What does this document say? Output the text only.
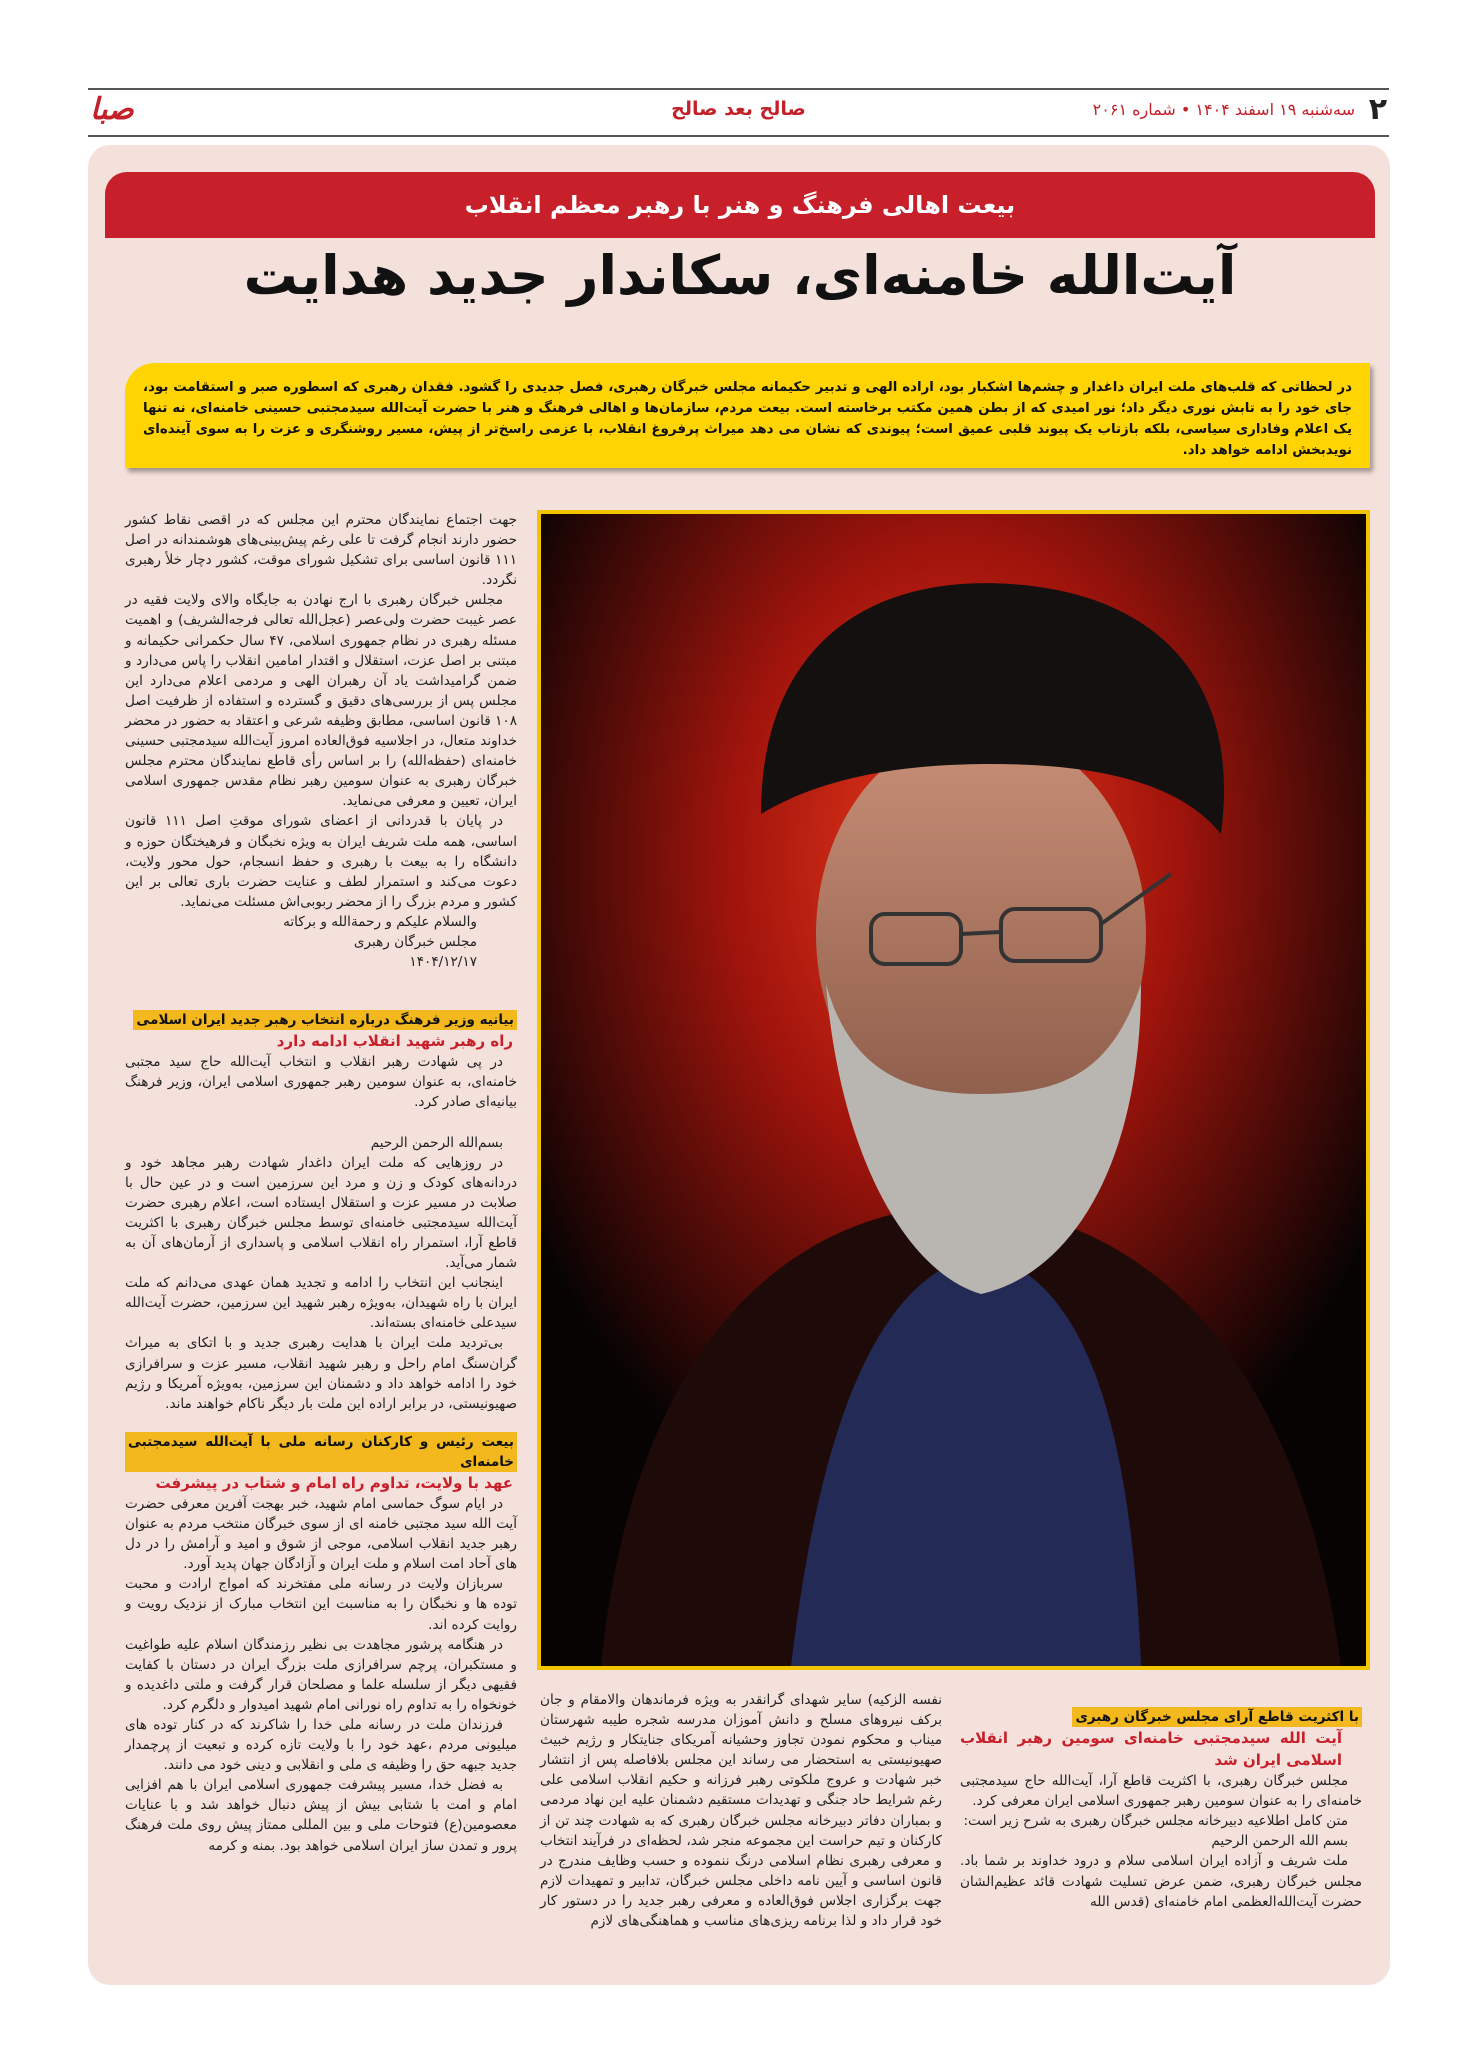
۲
سه‌شنبه ۱۹ اسفند ۱۴۰۴ • شماره ۲۰۶۱
صالح بعد صالح
صبا
بیعت اهالی فرهنگ و هنر با رهبر معظم انقلاب
آیت‌الله خامنه‌ای، سکاندار جدید هدایت
در لحظاتی که قلب‌های ملت ایران داغدار و چشم‌ها اشکبار بود، اراده الهی و تدبیر حکیمانه مجلس خبرگان رهبری، فصل جدیدی را گشود. فقدان رهبری که اسطوره صبر و استقامت بود، جای خود را به تابش نوری دیگر داد؛ نور امیدی که از بطن همین مکتب برخاسته است. بیعت مردم، سازمان‌ها و اهالی فرهنگ و هنر با حضرت آیت‌الله سیدمجتبی حسینی خامنه‌ای، نه تنها یک اعلام وفاداری سیاسی، بلکه بازتاب یک پیوند قلبی عمیق است؛ پیوندی که نشان می دهد میراث پرفروغ انقلاب، با عزمی راسخ‌تر از پیش، مسیر روشنگری و عزت را به سوی آینده‌ای نویدبخش ادامه خواهد داد.

جهت اجتماع نمایندگان محترم این مجلس که در اقصی نقاط کشور حضور دارند انجام گرفت تا علی رغم پیش‌بینی‌های هوشمندانه در اصل ۱۱۱ قانون اساسی برای تشکیل شورای موقت، کشور دچار خلأ رهبری نگردد.

مجلس خبرگان رهبری با ارج نهادن به جایگاه والای ولایت فقیه در عصر غیبت حضرت ولی‌عصر (عجل‌الله تعالی فرجه‌الشریف) و اهمیت مسئله رهبری در نظام جمهوری اسلامی، ۴۷ سال حکمرانی حکیمانه و مبتنی بر اصل عزت، استقلال و اقتدار امامین انقلاب را پاس می‌دارد و ضمن گرامیداشت یاد آن رهبران الهی و مردمی اعلام می‌دارد این مجلس پس از بررسی‌های دقیق و گسترده و استفاده از ظرفیت اصل ۱۰۸ قانون اساسی، مطابق وظیفه شرعی و اعتقاد به حضور در محضر خداوند متعال، در اجلاسیه فوق‌العاده امروز آیت‌الله سیدمجتبی حسینی خامنه‌ای (حفظه‌الله) را بر اساس رأی قاطع نمایندگان محترم مجلس خبرگان رهبری به عنوان سومین رهبر نظام مقدس جمهوری اسلامی ایران، تعیین و معرفی می‌نماید.

در پایان با قدردانی از اعضای شورای موقتِ اصل ۱۱۱ قانون اساسی، همه ملت شریف ایران به ویژه نخبگان و فرهیختگان حوزه و دانشگاه را به بیعت با رهبری و حفظ انسجام، حول محور ولایت، دعوت می‌کند و استمرار لطف و عنایت حضرت باری تعالی بر این کشور و مردم بزرگ را از محضر ربوبی‌اش مسئلت می‌نماید.

والسلام علیکم و رحمة‌الله و برکاته

مجلس خبرگان رهبری

۱۴۰۴/۱۲/۱۷

بیانیه وزیر فرهنگ درباره انتخاب رهبر جدید ایران اسلامی
راه رهبر شهید انقلاب ادامه دارد

در پی شهادت رهبر انقلاب و انتخاب آیت‌الله حاج سید مجتبی خامنه‌ای، به عنوان سومین رهبر جمهوری اسلامی ایران، وزیر فرهنگ بیانیه‌ای صادر کرد.

بسم‌الله الرحمن الرحیم

در روزهایی که ملت ایران داغدار شهادت رهبر مجاهد خود و دردانه‌های کودک و زن و مرد این سرزمین است و در عین حال با صلابت در مسیر عزت و استقلال ایستاده است، اعلام رهبری حضرت آیت‌الله سیدمجتبی خامنه‌ای توسط مجلس خبرگان رهبری با اکثریت قاطع آرا، استمرار راه انقلاب اسلامی و پاسداری از آرمان‌های آن به شمار می‌آید.

اینجانب این انتخاب را ادامه و تجدید همان عهدی می‌دانم که ملت ایران با راه شهیدان، به‌ویژه رهبر شهید این سرزمین، حضرت آیت‌الله سیدعلی خامنه‌ای بسته‌اند.

بی‌تردید ملت ایران با هدایت رهبری جدید و با اتکای به میراث گران‌سنگ امام راحل و رهبر شهید انقلاب، مسیر عزت و سرافرازی خود را ادامه خواهد داد و دشمنان این سرزمین، به‌ویژه آمریکا و رژیم صهیونیستی، در برابر اراده این ملت بار دیگر ناکام خواهند ماند.

بیعت رئیس و کارکنان رسانه ملی با آیت‌الله سیدمجتبی خامنه‌ای
عهد با ولایت، تداوم راه امام و شتاب در پیشرفت

در ایام سوگ حماسی امام شهید، خبر بهجت آفرین معرفی حضرت آیت الله سید مجتبی خامنه ای از سوی خبرگان منتخب مردم به عنوان رهبر جدید انقلاب اسلامی، موجی از شوق و امید و آرامش را در دل های آحاد امت اسلام و ملت ایران و آزادگان جهان پدید آورد.

سربازان ولایت در رسانه ملی مفتخرند که امواج ارادت و محبت توده ها و نخبگان را به مناسبت این انتخاب مبارک از نزدیک رویت و روایت کرده اند.

در هنگامه پرشور مجاهدت بی نظیر رزمندگان اسلام علیه طواغیت و مستکبران، پرچم سرافرازی ملت بزرگ ایران در دستان با کفایت فقیهی دیگر از سلسله علما و مصلحان قرار گرفت و ملتی داغدیده و خونخواه را به تداوم راه نورانی امام شهید امیدوار و دلگرم کرد.

فرزندان ملت در رسانه ملی خدا را شاکرند که در کنار توده های میلیونی مردم ،عهد خود را با ولایت تازه کرده و تبعیت از پرچمدار جدید جبهه حق را وظیفه ی ملی و انقلابی و دینی خود می دانند.

به فضل خدا، مسیر پیشرفت جمهوری اسلامی ایران با هم افزایی امام و امت با شتابی بیش از پیش دنبال خواهد شد و با عنایات معصومین(ع) فتوحات ملی و بین المللی ممتاز پیش روی ملت فرهنگ پرور و تمدن ساز ایران اسلامی خواهد بود. بمنه و کرمه

نفسه الزکیه) سایر شهدای گرانقدر به ویژه فرماندهان والامقام و جان برکف نیروهای مسلح و دانش آموزان مدرسه شجره طیبه شهرستان میناب و محکوم نمودن تجاوز وحشیانه آمریکای جنایتکار و رژیم خبیث صهیونیستی به استحضار می رساند این مجلس بلافاصله پس از انتشار خبر شهادت و عروج ملکوتی رهبر فرزانه و حکیم انقلاب اسلامی علی رغم شرایط حاد جنگی و تهدیدات مستقیم دشمنان علیه این نهاد مردمی و بمباران دفاتر دبیرخانه مجلس خبرگان رهبری که به شهادت چند تن از کارکنان و تیم حراست این مجموعه منجر شد، لحظه‌ای در فرآیند انتخاب و معرفی رهبری نظام اسلامی درنگ ننموده و حسب وظایف مندرج در قانون اساسی و آیین نامه داخلی مجلس خبرگان، تدابیر و تمهیدات لازم جهت برگزاری اجلاس فوق‌العاده و معرفی رهبر جدید را در دستور کار خود قرار داد و لذا برنامه ریزی‌های مناسب و هماهنگی‌های لازم

با اکثریت قاطع آرای مجلس خبرگان رهبری
آیت الله سیدمجتبی خامنه‌ای سومین رهبر انقلاب اسلامی ایران شد

مجلس خبرگان رهبری، با اکثریت قاطع آرا، آیت‌الله حاج سیدمجتبی خامنه‌ای را به عنوان سومین رهبر جمهوری اسلامی ایران معرفی کرد.

متن کامل اطلاعیه دبیرخانه مجلس خبرگان رهبری به شرح زیر است:

بسم الله الرحمن الرحیم

ملت شریف و آزاده ایران اسلامی سلام و درود خداوند بر شما باد. مجلس خبرگان رهبری، ضمن عرض تسلیت شهادت قائد عظیم‌الشان حضرت آیت‌الله‌العظمی امام خامنه‌ای (قدس الله
